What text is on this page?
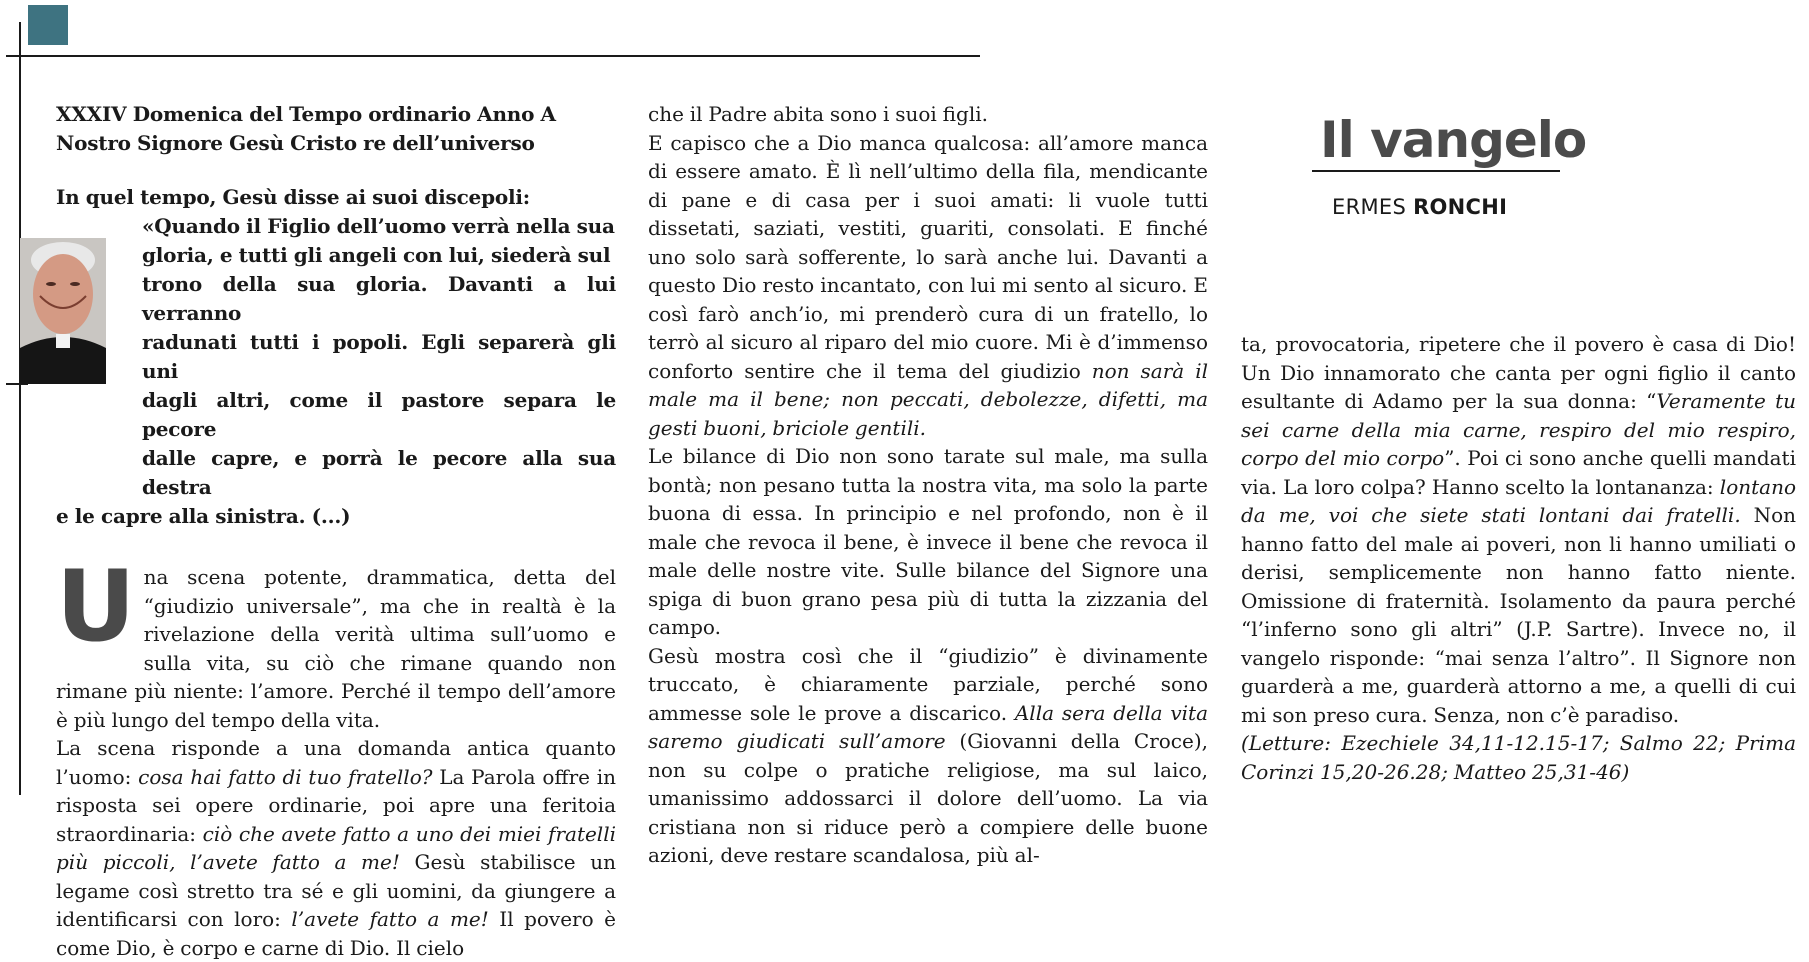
Il vangelo
ERMES RONCHI
XXXIV Domenica del Tempo ordinario Anno A
Nostro Signore Gesù Cristo re dell’universo
In quel tempo, Gesù disse ai suoi discepoli:
«Quando il Figlio dell’uomo verrà nella sua
gloria, e tutti gli angeli con lui, siederà sul
trono della sua gloria. Davanti a lui verranno
radunati tutti i popoli. Egli separerà gli uni
dagli altri, come il pastore separa le pecore
dalle capre, e porrà le pecore alla sua destra
e le capre alla sinistra. (...)

Una scena potente, drammatica, detta del “giudizio universale”, ma che in realtà è la rivelazione della verità ultima sull’uomo e sulla vita, su ciò che rimane quando non rimane più niente: l’amore. Perché il tempo dell’amore è più lungo del tempo della vita.

La scena risponde a una domanda antica quanto l’uomo: cosa hai fatto di tuo fratello? La Parola offre in risposta sei opere ordinarie, poi apre una feritoia straordinaria: ciò che avete fatto a uno dei miei fratelli più piccoli, l’avete fatto a me! Gesù stabilisce un legame così stretto tra sé e gli uomini, da giungere a identificarsi con loro: l’avete fatto a me! Il povero è come Dio, è corpo e carne di Dio. Il cielo

che il Padre abita sono i suoi figli.

E capisco che a Dio manca qualcosa: all’amore manca di essere amato. È lì nell’ultimo della fila, mendicante di pane e di casa per i suoi amati: li vuole tutti dissetati, saziati, vestiti, guariti, consolati. E finché uno solo sarà sofferente, lo sarà anche lui. Davanti a questo Dio resto incantato, con lui mi sento al sicuro. E così farò anch’io, mi prenderò cura di un fratello, lo terrò al sicuro al riparo del mio cuore. Mi è d’immenso conforto sentire che il tema del giudizio non sarà il male ma il bene; non peccati, debolezze, difetti, ma gesti buoni, briciole gentili.

Le bilance di Dio non sono tarate sul male, ma sulla bontà; non pesano tutta la nostra vita, ma solo la parte buona di essa. In principio e nel profondo, non è il male che revoca il bene, è invece il bene che revoca il male delle nostre vite. Sulle bilance del Signore una spiga di buon grano pesa più di tutta la zizzania del campo.

Gesù mostra così che il “giudizio” è divinamente truccato, è chiaramente parziale, perché sono ammesse sole le prove a discarico. Alla sera della vita saremo giudicati sull’amore (Giovanni della Croce), non su colpe o pratiche religiose, ma sul laico, umanissimo addossarci il dolore dell’uomo. La via cristiana non si riduce però a compiere delle buone azioni, deve restare scandalosa, più al-

ta, provocatoria, ripetere che il povero è casa di Dio! Un Dio innamorato che canta per ogni figlio il canto esultante di Adamo per la sua donna: “Veramente tu sei carne della mia carne, respiro del mio respiro, corpo del mio corpo”. Poi ci sono anche quelli mandati via. La loro colpa? Hanno scelto la lontananza: lontano da me, voi che siete stati lontani dai fratelli. Non hanno fatto del male ai poveri, non li hanno umiliati o derisi, semplicemente non hanno fatto niente. Omissione di fraternità. Isolamento da paura perché “l’inferno sono gli altri” (J.P. Sartre). Invece no, il vangelo risponde: “mai senza l’altro”. Il Signore non guarderà a me, guarderà attorno a me, a quelli di cui mi son preso cura. Senza, non c’è paradiso.

(Letture: Ezechiele 34,11-12.15-17; Salmo 22; Prima Corinzi 15,20-26.28; Matteo 25,31-46)
